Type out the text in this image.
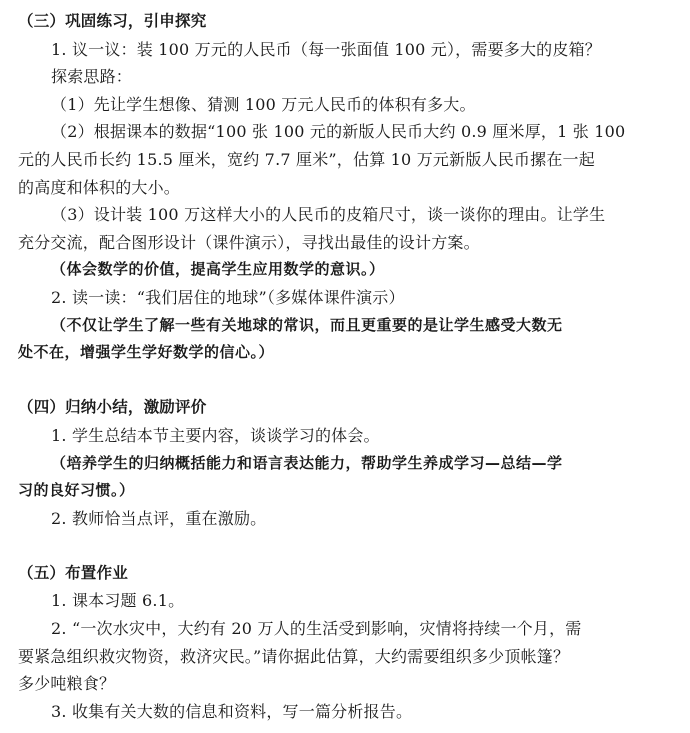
（三）巩固练习，引申探究
1. 议一议：装 100 万元的人民币（每一张面值 100 元），需要多大的皮箱？
探索思路：
（1）先让学生想像、猜测 100 万元人民币的体积有多大。
（2）根据课本的数据“100 张 100 元的新版人民币大约 0.9 厘米厚，1 张 100
元的人民币长约 15.5 厘米，宽约 7.7 厘米”，估算 10 万元新版人民币摞在一起
的高度和体积的大小。
（3）设计装 100 万这样大小的人民币的皮箱尺寸，谈一谈你的理由。让学生
充分交流，配合图形设计（课件演示），寻找出最佳的设计方案。
（体会数学的价值，提高学生应用数学的意识。）
2. 读一读：“我们居住的地球”（多媒体课件演示）
（不仅让学生了解一些有关地球的常识，而且更重要的是让学生感受大数无
处不在，增强学生学好数学的信心。）
（四）归纳小结，激励评价
1. 学生总结本节主要内容，谈谈学习的体会。
（培养学生的归纳概括能力和语言表达能力，帮助学生养成学习—总结—学
习的良好习惯。）
2. 教师恰当点评，重在激励。
（五）布置作业
1. 课本习题 6.1。
2. “一次水灾中，大约有 20 万人的生活受到影响，灾情将持续一个月，需
要紧急组织救灾物资，救济灾民。”请你据此估算，大约需要组织多少顶帐篷？
多少吨粮食？
3. 收集有关大数的信息和资料，写一篇分析报告。
